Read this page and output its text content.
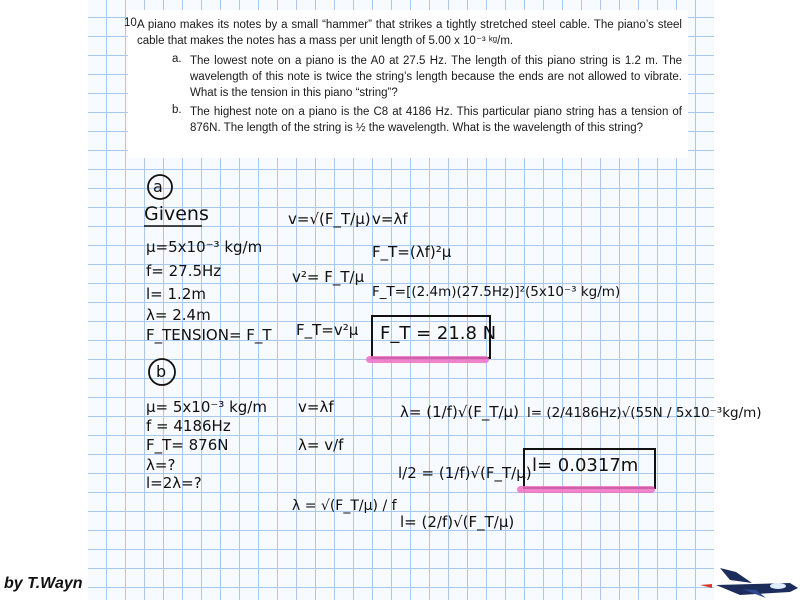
10.
A piano makes its notes by a small “hammer” that strikes a tightly stretched steel cable. The piano’s steel cable that makes the notes has a mass per unit length of 5.00 x 10⁻³ ᵏᵍ/m.
a. The lowest note on a piano is the A0 at 27.5 Hz. The length of this piano string is 1.2 m. The wavelength of this note is twice the string’s length because the ends are not allowed to vibrate. What is the tension in this piano “string”?
b. The highest note on a piano is the C8 at 4186 Hz. This particular piano string has a tension of 876N. The length of the string is ½ the wavelength. What is the wavelength of this string?
a
Givens
μ=5x10⁻³ kg/m
f= 27.5Hz
l= 1.2m
λ= 2.4m
F_TENSION= F_T
v=√(F_T/μ)
v²= F_T/μ
F_T=v²μ
v=λf
F_T=(λf)²μ
F_T=[(2.4m)(27.5Hz)]²(5x10⁻³ kg/m)
F_T = 21.8 N
b
μ= 5x10⁻³ kg/m
f = 4186Hz
F_T= 876N
λ=?
l=2λ=?
v=λf
λ= v/f
λ = √(F_T/μ) / f
λ= (1/f)√(F_T/μ)
l/2 = (1/f)√(F_T/μ)
l= (2/f)√(F_T/μ)
l= (2/4186Hz)√(55N / 5x10⁻³kg/m)
l= 0.0317m
by T.Wayn
